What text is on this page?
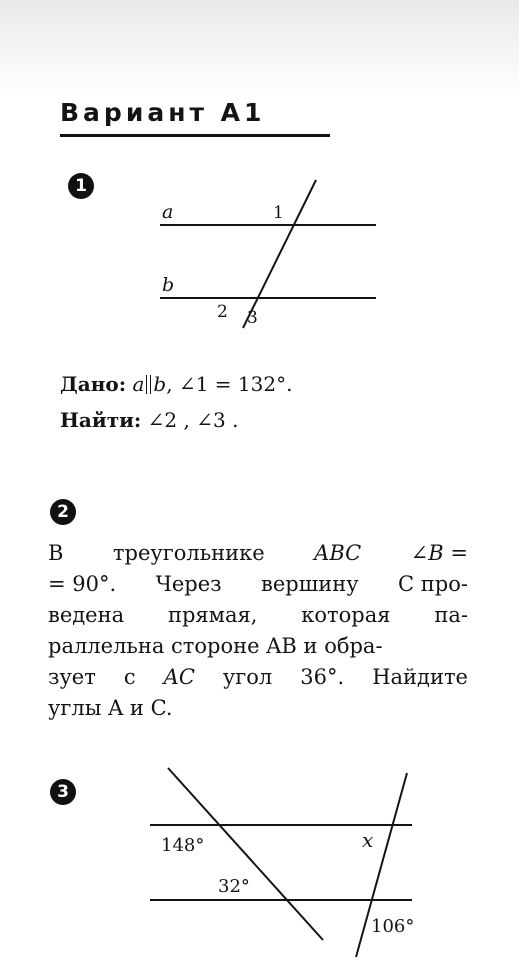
Вариант А1
1
a
b
1
2 3
Дано: a b, ∠1 = 132°.
Найти: ∠2 , ∠3 .
2
В треугольнике ABC ∠B =
= 90°. Через вершину C про-
ведена прямая, которая па-
раллельна стороне AB и обра-
зует с AC угол 36°. Найдите
углы A и C.
3
148°
32°
x
106°
